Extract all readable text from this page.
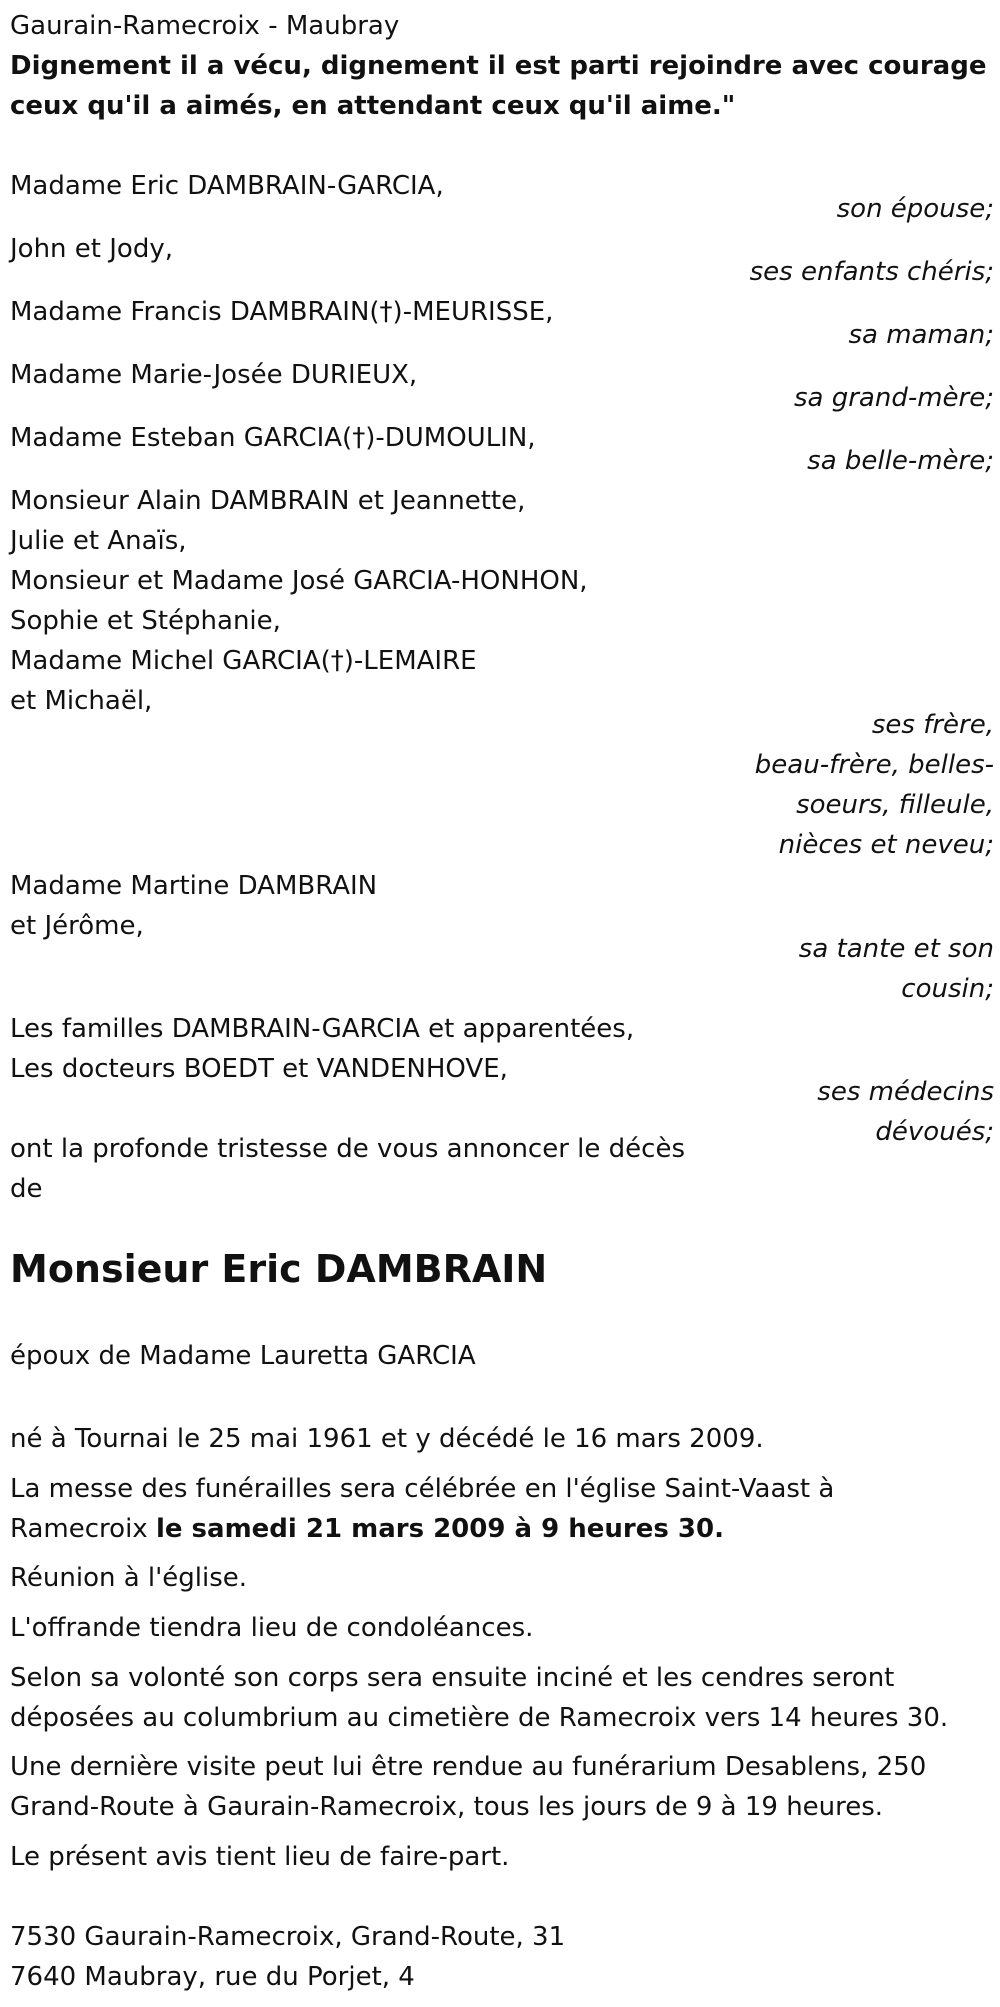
Gaurain-Ramecroix - Maubray
Dignement il a vécu, dignement il est parti rejoindre avec courage
ceux qu'il a aimés, en attendant ceux qu'il aime."
Madame Eric DAMBRAIN-GARCIA,
son épouse;
John et Jody,
ses enfants chéris;
Madame Francis DAMBRAIN(†)-MEURISSE,
sa maman;
Madame Marie-Josée DURIEUX,
sa grand-mère;
Madame Esteban GARCIA(†)-DUMOULIN,
sa belle-mère;
Monsieur Alain DAMBRAIN et Jeannette,
Julie et Anaïs,
Monsieur et Madame José GARCIA-HONHON,
Sophie et Stéphanie,
Madame Michel GARCIA(†)-LEMAIRE
et Michaël,
ses frère,
beau-frère, belles-
soeurs, filleule,
nièces et neveu;
Madame Martine DAMBRAIN
et Jérôme,
sa tante et son
cousin;
Les familles DAMBRAIN-GARCIA et apparentées,
Les docteurs BOEDT et VANDENHOVE,
ses médecins
dévoués;
ont la profonde tristesse de vous annoncer le décès
de
Monsieur Eric DAMBRAIN
époux de Madame Lauretta GARCIA
né à Tournai le 25 mai 1961 et y décédé le 16 mars 2009.
La messe des funérailles sera célébrée en l'église Saint-Vaast à
Ramecroix le samedi 21 mars 2009 à 9 heures 30.
Réunion à l'église.
L'offrande tiendra lieu de condoléances.
Selon sa volonté son corps sera ensuite inciné et les cendres seront
déposées au columbrium au cimetière de Ramecroix vers 14 heures 30.
Une dernière visite peut lui être rendue au funérarium Desablens, 250
Grand-Route à Gaurain-Ramecroix, tous les jours de 9 à 19 heures.
Le présent avis tient lieu de faire-part.
7530 Gaurain-Ramecroix, Grand-Route, 31
7640 Maubray, rue du Porjet, 4
